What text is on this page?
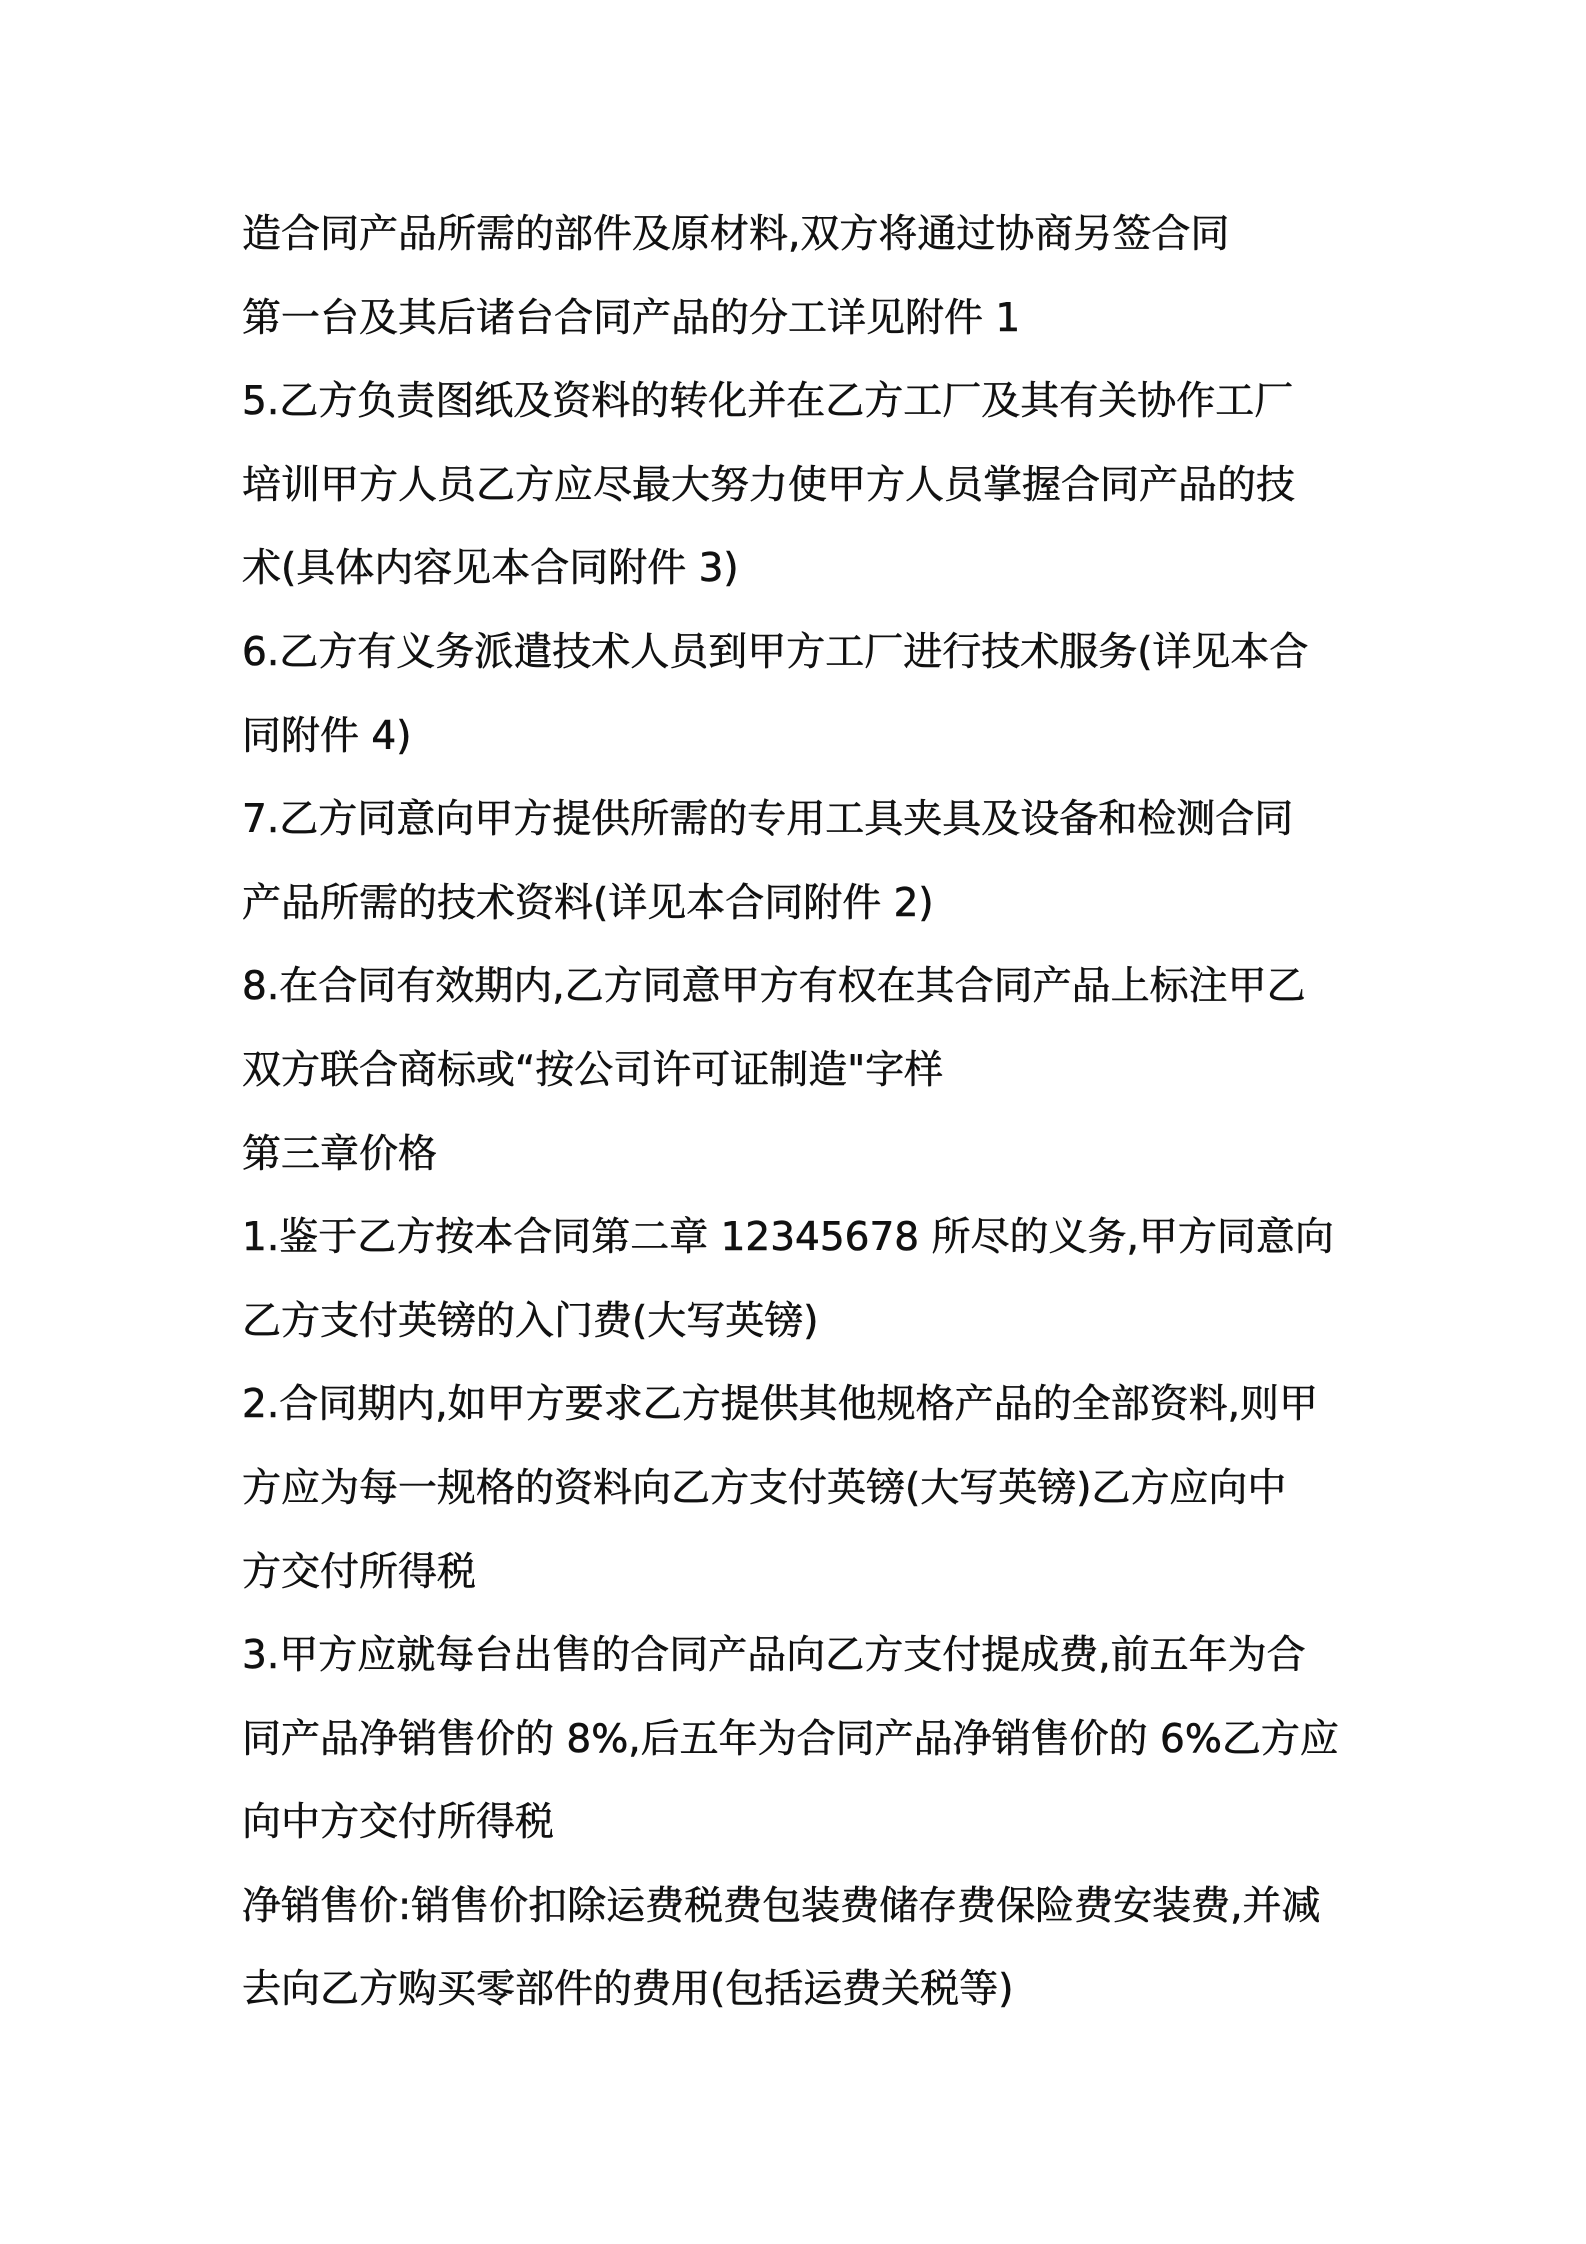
造合同产品所需的部件及原材料,双方将通过协商另签合同
第一台及其后诸台合同产品的分工详见附件 1
5.乙方负责图纸及资料的转化并在乙方工厂及其有关协作工厂
培训甲方人员乙方应尽最大努力使甲方人员掌握合同产品的技
术(具体内容见本合同附件 3)
6.乙方有义务派遣技术人员到甲方工厂进行技术服务(详见本合
同附件 4)
7.乙方同意向甲方提供所需的专用工具夹具及设备和检测合同
产品所需的技术资料(详见本合同附件 2)
8.在合同有效期内,乙方同意甲方有权在其合同产品上标注甲乙
双方联合商标或“按公司许可证制造"字样
第三章价格
1.鉴于乙方按本合同第二章 12345678 所尽的义务,甲方同意向
乙方支付英镑的入门费(大写英镑)
2.合同期内,如甲方要求乙方提供其他规格产品的全部资料,则甲
方应为每一规格的资料向乙方支付英镑(大写英镑)乙方应向中
方交付所得税
3.甲方应就每台出售的合同产品向乙方支付提成费,前五年为合
同产品净销售价的 8%,后五年为合同产品净销售价的 6%乙方应
向中方交付所得税
净销售价:销售价扣除运费税费包装费储存费保险费安装费,并减
去向乙方购买零部件的费用(包括运费关税等)
